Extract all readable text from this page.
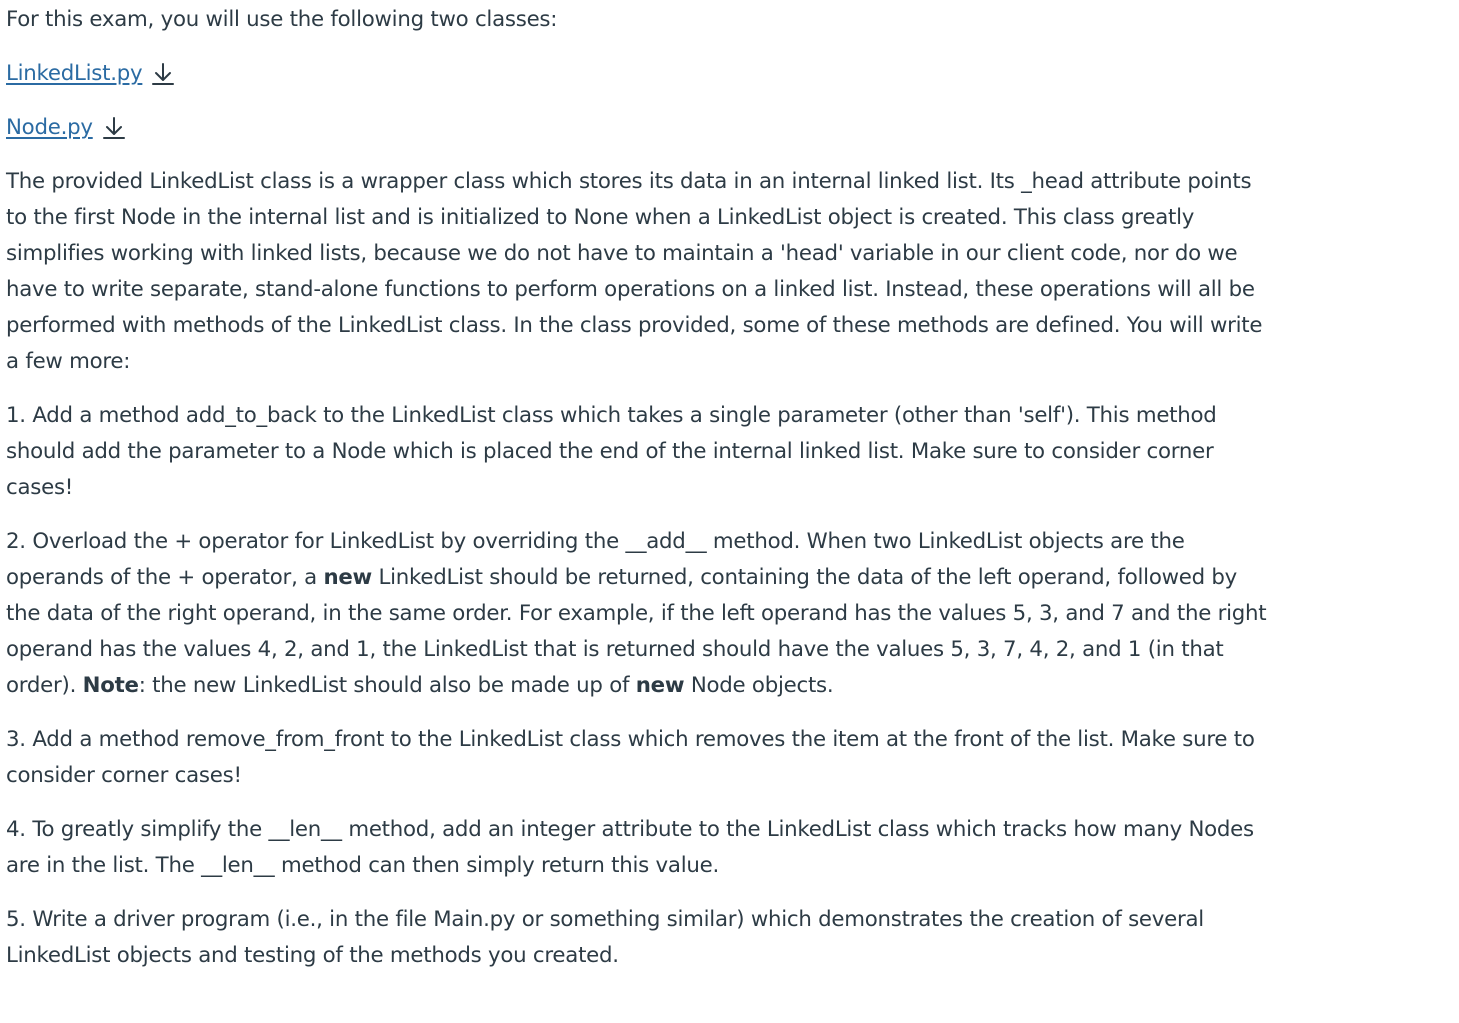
For this exam, you will use the following two classes:

LinkedList.py

Node.py

The provided LinkedList class is a wrapper class which stores its data in an internal linked list. Its _head attribute points to the first Node in the internal list and is initialized to None when a LinkedList object is created. This class greatly simplifies working with linked lists, because we do not have to maintain a 'head' variable in our client code, nor do we have to write separate, stand-alone functions to perform operations on a linked list. Instead, these operations will all be performed with methods of the LinkedList class. In the class provided, some of these methods are defined. You will write a few more:

1. Add a method add_to_back to the LinkedList class which takes a single parameter (other than 'self'). This method should add the parameter to a Node which is placed the end of the internal linked list. Make sure to consider corner cases!

2. Overload the + operator for LinkedList by overriding the __add__ method. When two LinkedList objects are the operands of the + operator, a new LinkedList should be returned, containing the data of the left operand, followed by the data of the right operand, in the same order. For example, if the left operand has the values 5, 3, and 7 and the right operand has the values 4, 2, and 1, the LinkedList that is returned should have the values 5, 3, 7, 4, 2, and 1 (in that order). Note: the new LinkedList should also be made up of new Node objects.

3. Add a method remove_from_front to the LinkedList class which removes the item at the front of the list. Make sure to consider corner cases!

4. To greatly simplify the __len__ method, add an integer attribute to the LinkedList class which tracks how many Nodes are in the list. The __len__ method can then simply return this value.

5. Write a driver program (i.e., in the file Main.py or something similar) which demonstrates the creation of several LinkedList objects and testing of the methods you created.
